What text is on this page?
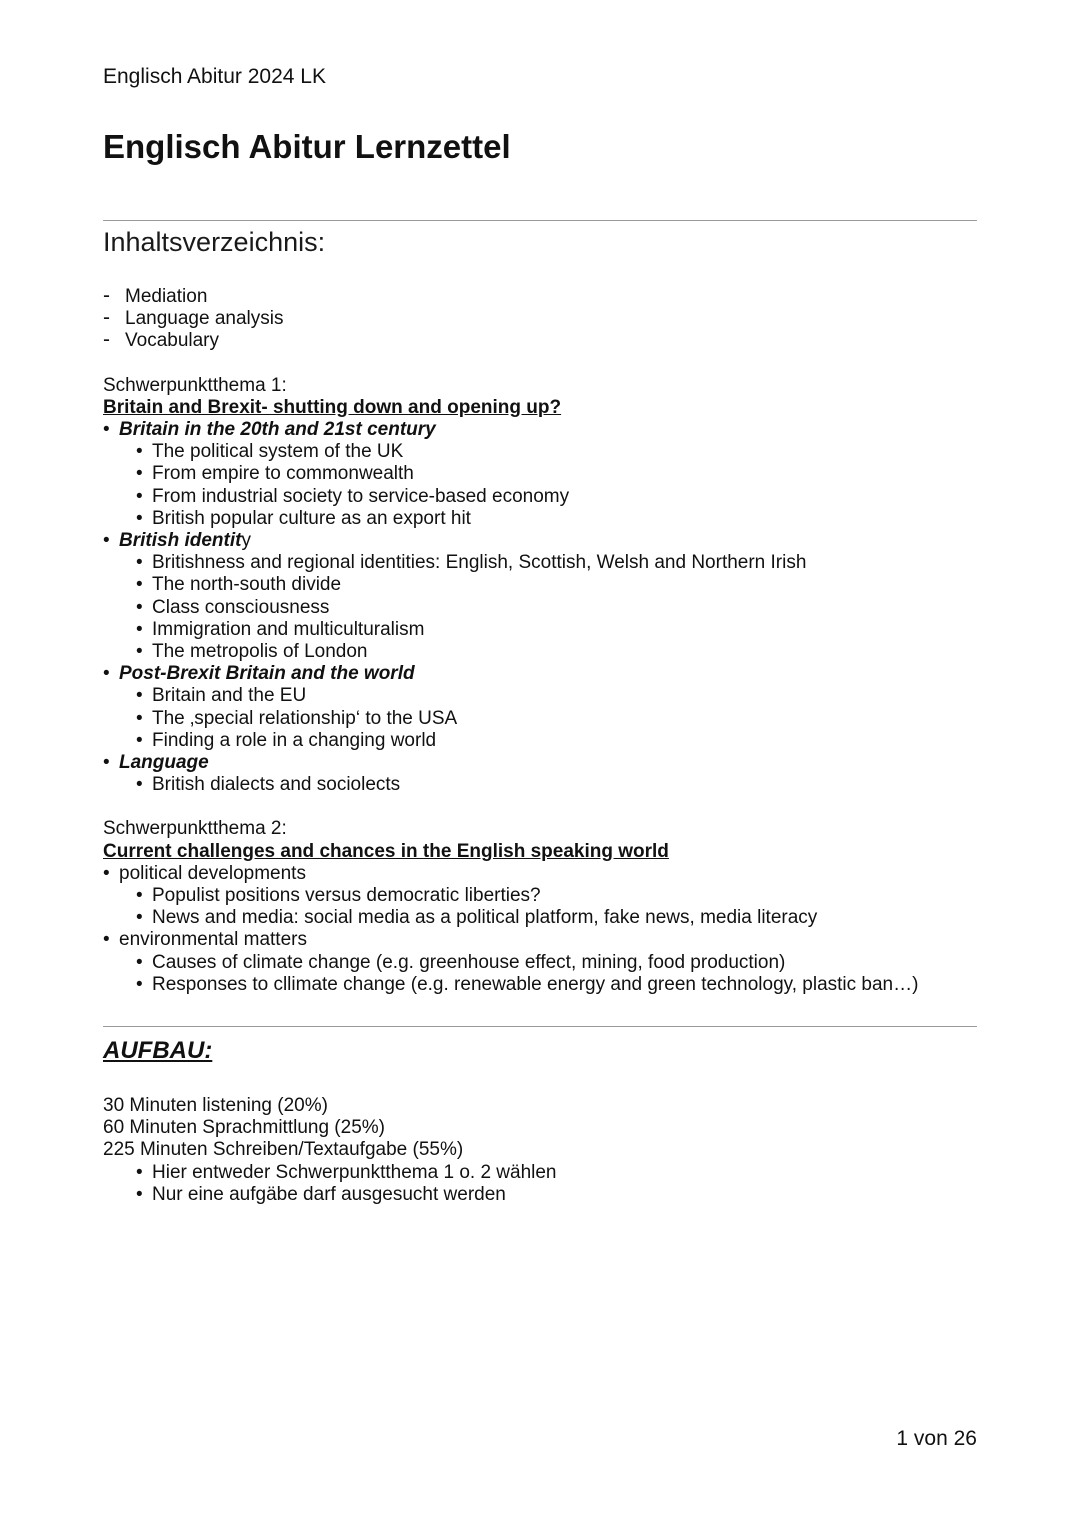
Englisch Abitur 2024 LK
Englisch Abitur Lernzettel
Inhaltsverzeichnis:
- Mediation
- Language analysis
- Vocabulary
Schwerpunktthema 1:
Britain and Brexit- shutting down and opening up?
• Britain in the 20th and 21st century
• The political system of the UK
• From empire to commonwealth
• From industrial society to service-based economy
• British popular culture as an export hit
• British identity
• Britishness and regional identities: English, Scottish, Welsh and Northern Irish
• The north-south divide
• Class consciousness
• Immigration and multiculturalism
• The metropolis of London
• Post-Brexit Britain and the world
• Britain and the EU
• The ‚special relationship‘ to the USA
• Finding a role in a changing world
• Language
• British dialects and sociolects
Schwerpunktthema 2:
Current challenges and chances in the English speaking world
• political developments
• Populist positions versus democratic liberties?
• News and media: social media as a political platform, fake news, media literacy
• environmental matters
• Causes of climate change (e.g. greenhouse effect, mining, food production)
• Responses to cllimate change (e.g. renewable energy and green technology, plastic ban…)
AUFBAU:
30 Minuten listening (20%)
60 Minuten Sprachmittlung (25%)
225 Minuten Schreiben/Textaufgabe (55%)
• Hier entweder Schwerpunktthema 1 o. 2 wählen
• Nur eine aufgäbe darf ausgesucht werden
1 von 26
